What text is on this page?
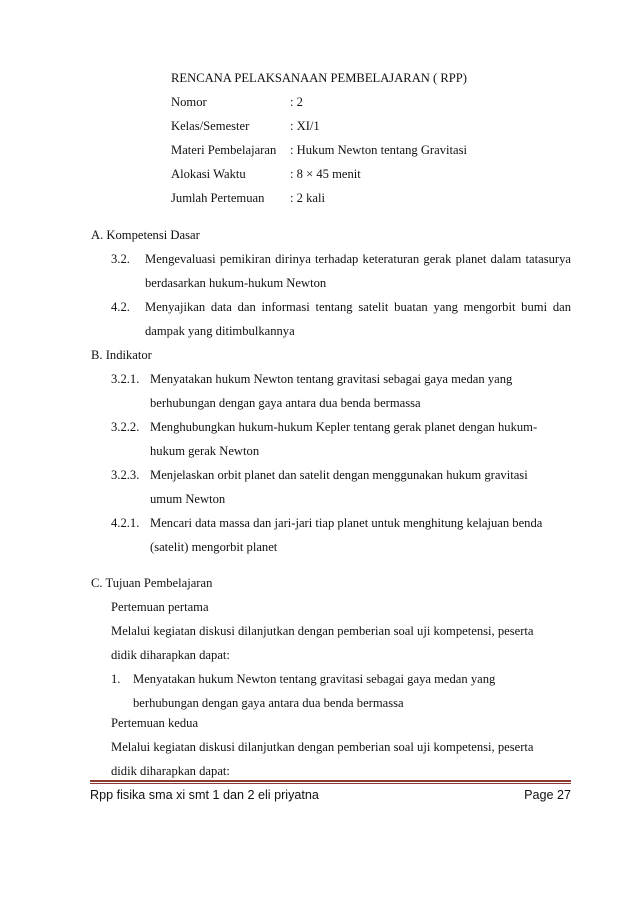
RENCANA PELAKSANAAN PEMBELAJARAN ( RPP)
Nomor	: 2
Kelas/Semester	: XI/1
Materi Pembelajaran : Hukum Newton tentang Gravitasi
Alokasi Waktu	: 8 × 45 menit
Jumlah Pertemuan : 2 kali
A. Kompetensi Dasar
3.2. Mengevaluasi pemikiran dirinya terhadap keteraturan gerak planet dalam tatasurya
berdasarkan hukum-hukum Newton
4.2. Menyajikan data dan informasi tentang satelit buatan yang mengorbit bumi dan
dampak yang ditimbulkannya
B. Indikator
3.2.1. Menyatakan hukum Newton tentang gravitasi sebagai gaya medan yang
berhubungan dengan gaya antara dua benda bermassa
3.2.2. Menghubungkan hukum-hukum Kepler tentang gerak planet dengan hukum-
hukum gerak Newton
3.2.3. Menjelaskan orbit planet dan satelit dengan menggunakan hukum gravitasi
umum Newton
4.2.1. Mencari data massa dan jari-jari tiap planet untuk menghitung kelajuan benda
(satelit) mengorbit planet
C. Tujuan Pembelajaran
Pertemuan pertama
Melalui kegiatan diskusi dilanjutkan dengan pemberian soal uji kompetensi, peserta
didik diharapkan dapat:
1. Menyatakan hukum Newton tentang gravitasi sebagai gaya medan yang
berhubungan dengan gaya antara dua benda bermassa
Pertemuan kedua
Melalui kegiatan diskusi dilanjutkan dengan pemberian soal uji kompetensi, peserta
didik diharapkan dapat:
Rpp fisika sma xi smt 1 dan 2 eli priyatna	Page 27
